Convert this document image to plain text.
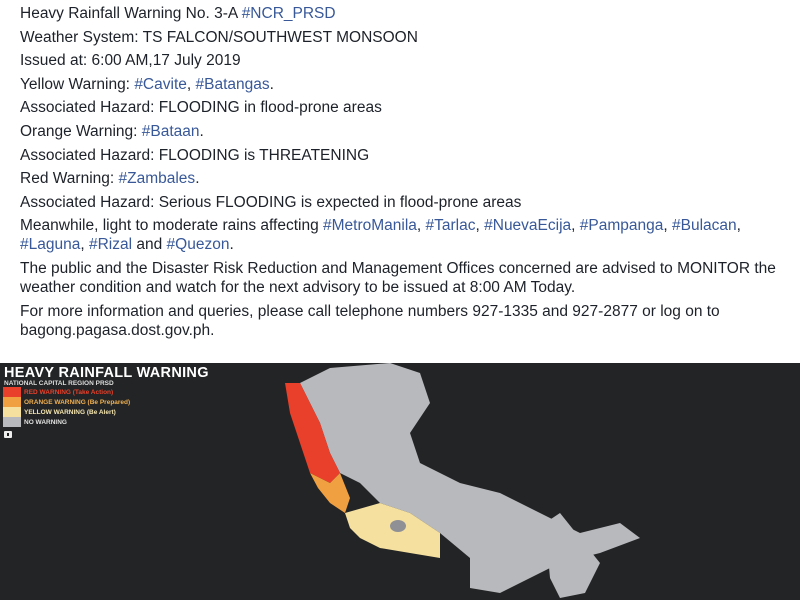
Heavy Rainfall Warning No. 3-A #NCR_PRSD

Weather System: TS FALCON/SOUTHWEST MONSOON

Issued at: 6:00 AM,17 July 2019

Yellow Warning: #Cavite, #Batangas.

Associated Hazard: FLOODING in flood-prone areas

Orange Warning: #Bataan.

Associated Hazard: FLOODING is THREATENING

Red Warning: #Zambales.

Associated Hazard: Serious FLOODING is expected in flood-prone areas

Meanwhile, light to moderate rains affecting #MetroManila, #Tarlac, #NuevaEcija, #Pampanga, #Bulacan, #Laguna, #Rizal and #Quezon.

The public and the Disaster Risk Reduction and Management Offices concerned are advised to MONITOR the weather condition and watch for the next advisory to be issued at 8:00 AM Today.

For more information and queries, please call telephone numbers 927-1335 and 927-2877 or log on to bagong.pagasa.dost.gov.ph.

HEAVY RAINFALL WARNING
NATIONAL CAPITAL REGION PRSD
RED WARNING (Take Action)
ORANGE WARNING (Be Prepared)
YELLOW WARNING (Be Alert)
NO WARNING
